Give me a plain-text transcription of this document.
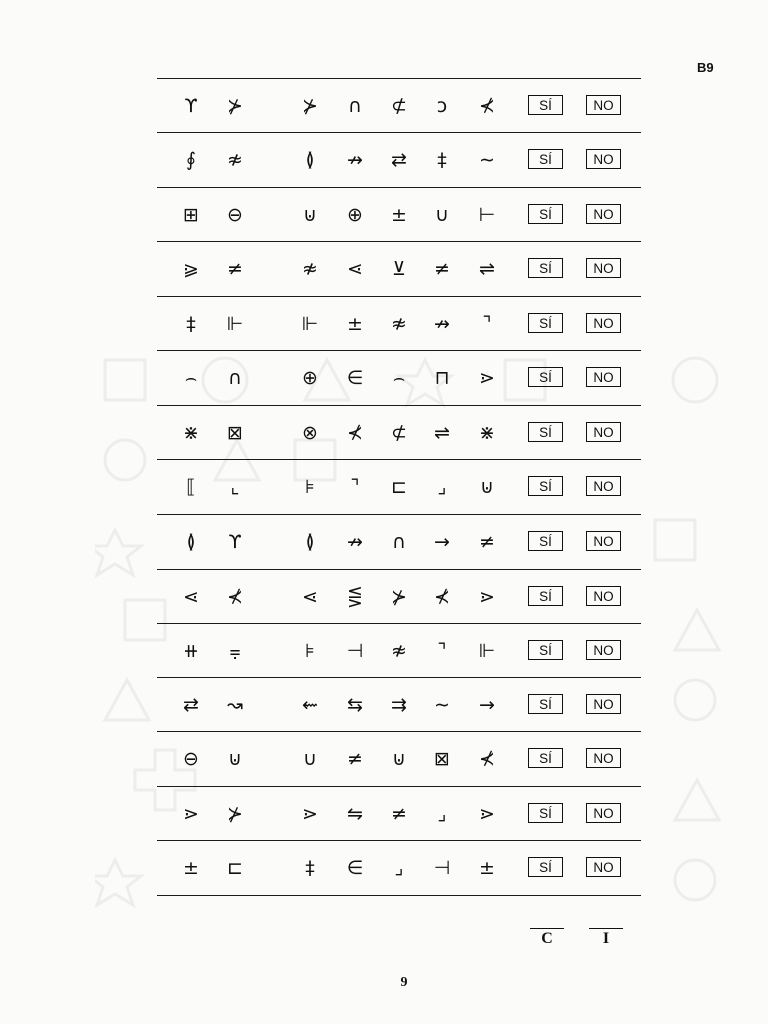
B9
ϒ	⊁	⊁	∩	⊄	ↄ	⊀	SÍ	NO
∮	≉	≬	↛	⇄	‡	∼	SÍ	NO
⊞	⊖	⊍	⊕	±	∪	⊢	SÍ	NO
⪀	≠	≉	⋖	⊻	≠	⇌	SÍ	NO
‡	⊩	⊩	±	≉	↛	⌝	SÍ	NO
⌢	∩	⊕	∈	⌢	⊓	⋗	SÍ	NO
⋇	⊠	⊗	⊀	⊄	⇌	⋇	SÍ	NO
⟦	⌞	⊧	⌝	⊏	⌟	⊍	SÍ	NO
≬	ϒ	≬	↛	∩	→	≠	SÍ	NO
⋖	⊀	⋖	⋚	⊁	⊀	⋗	SÍ	NO
⧺	⩦	⊧	⊣	≉	⌝	⊩	SÍ	NO
⇄	↝	⇜	⇆	⇉	∼	→	SÍ	NO
⊖	⊍	∪	≠	⊍	⊠	⊀	SÍ	NO
⋗	⊁	⋗	⇋	≠	⌟	⋗	SÍ	NO
±	⊏	‡	∈	⌟	⊣	±	SÍ	NO
C	I
9
